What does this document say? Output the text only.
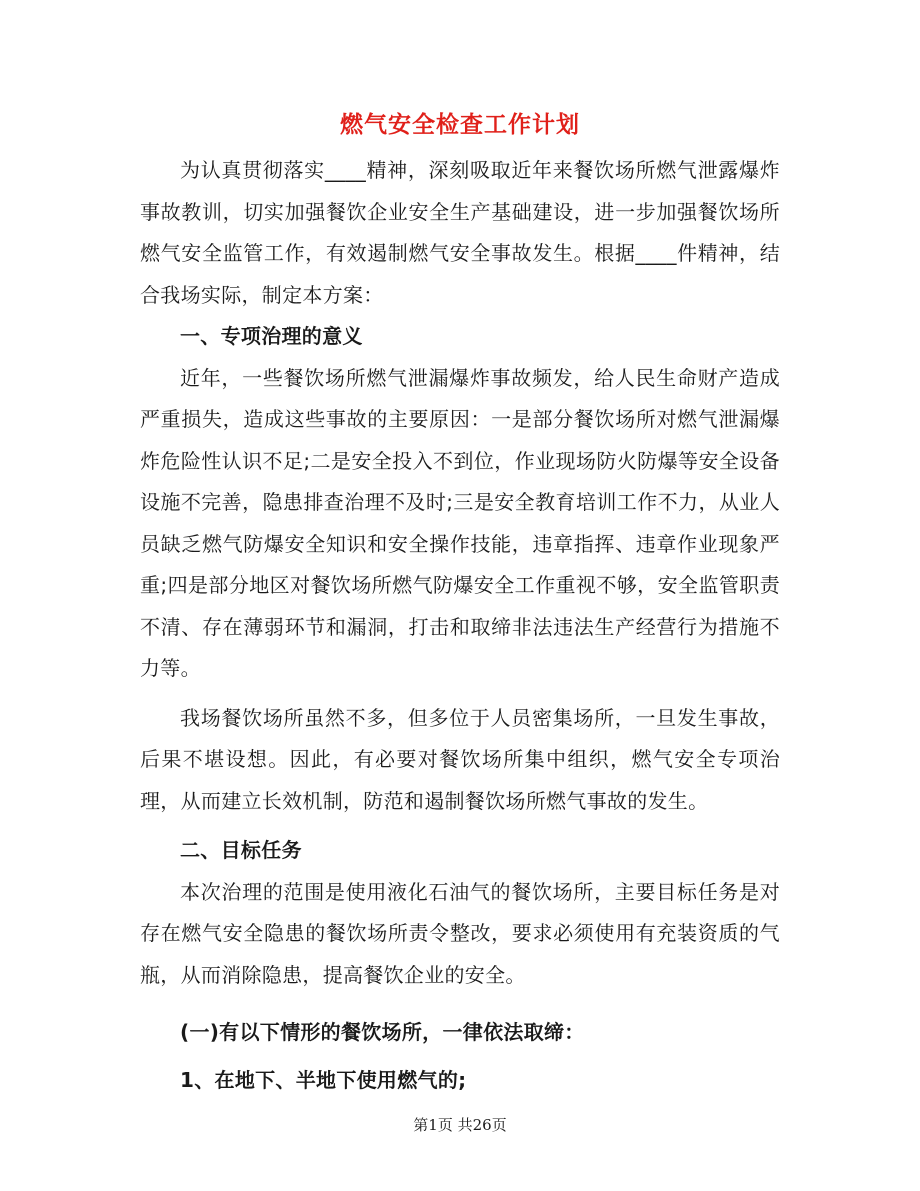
燃气安全检查工作计划

为认真贯彻落实____精神，深刻吸取近年来餐饮场所燃气泄露爆炸事故教训，切实加强餐饮企业安全生产基础建设，进一步加强餐饮场所燃气安全监管工作，有效遏制燃气安全事故发生。根据____件精神，结合我场实际，制定本方案：

一、专项治理的意义

近年，一些餐饮场所燃气泄漏爆炸事故频发，给人民生命财产造成严重损失，造成这些事故的主要原因：一是部分餐饮场所对燃气泄漏爆炸危险性认识不足;二是安全投入不到位，作业现场防火防爆等安全设备设施不完善，隐患排查治理不及时;三是安全教育培训工作不力，从业人员缺乏燃气防爆安全知识和安全操作技能，违章指挥、违章作业现象严重;四是部分地区对餐饮场所燃气防爆安全工作重视不够，安全监管职责不清、存在薄弱环节和漏洞，打击和取缔非法违法生产经营行为措施不力等。

我场餐饮场所虽然不多，但多位于人员密集场所，一旦发生事故，后果不堪设想。因此，有必要对餐饮场所集中组织，燃气安全专项治理，从而建立长效机制，防范和遏制餐饮场所燃气事故的发生。

二、目标任务

本次治理的范围是使用液化石油气的餐饮场所，主要目标任务是对存在燃气安全隐患的餐饮场所责令整改，要求必须使用有充装资质的气瓶，从而消除隐患，提高餐饮企业的安全。

(一)有以下情形的餐饮场所，一律依法取缔：

1、在地下、半地下使用燃气的;

第1页 共26页
